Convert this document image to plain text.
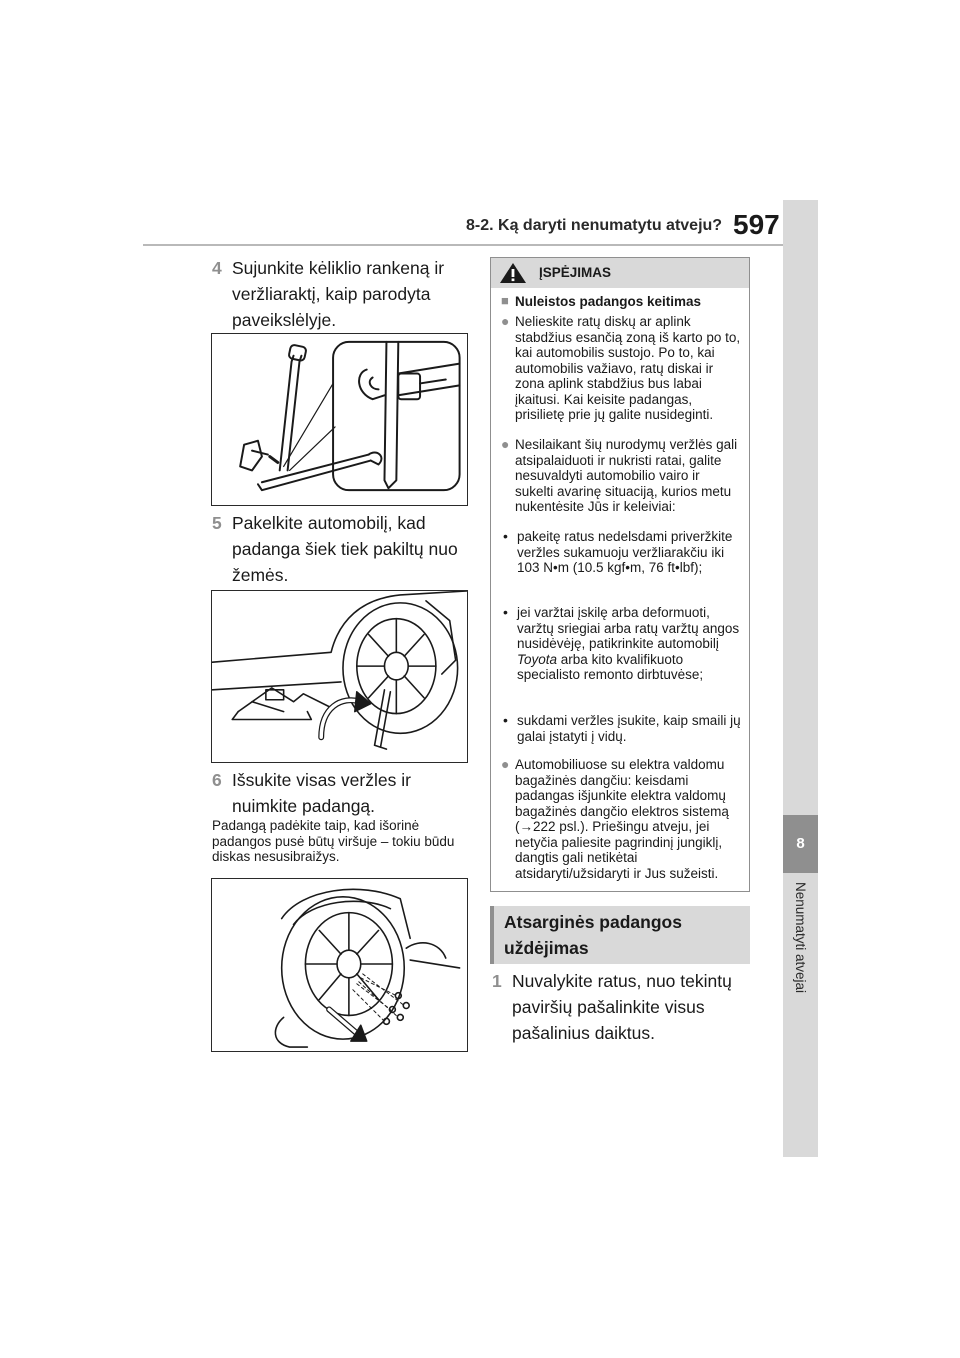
8-2. Ką daryti nenumatytu atveju? 597
8
Nenumatyti atvejai
4 Sujunkite kėliklio rankeną ir veržliaraktį, kaip parodyta paveikslėlyje.
5 Pakelkite automobilį, kad padanga šiek tiek pakiltų nuo žemės.
6 Išsukite visas veržles ir nuimkite padangą.
Padangą padėkite taip, kad išorinė padangos pusė būtų viršuje – tokiu būdu diskas nesusibraižys.
ĮSPĖJIMAS
■ Nuleistos padangos keitimas
● Nelieskite ratų diskų ar aplink stabdžius esančią zoną iš karto po to, kai automobilis sustojo. Po to, kai automobilis važiavo, ratų diskai ir zona aplink stabdžius bus labai įkaitusi. Kai keisite padangas, prisilietę prie jų galite nusideginti.
● Nesilaikant šių nurodymų veržlės gali atsipalaiduoti ir nukristi ratai, galite nesuvaldyti automobilio vairo ir sukelti avarinę situaciją, kurios metu nukentėsite Jūs ir keleiviai:
• pakeitę ratus nedelsdami priveržkite veržles sukamuoju veržliarakčiu iki 103 N•m (10.5 kgf•m, 76 ft•lbf);
• jei varžtai įskilę arba deformuoti, varžtų sriegiai arba ratų varžtų angos nusidėvėję, patikrinkite automobilį Toyota arba kito kvalifikuoto specialisto remonto dirbtuvėse;
• sukdami veržles įsukite, kaip smaili jų galai įstatyti į vidų.
● Automobiliuose su elektra valdomu bagažinės dangčiu: keisdami padangas išjunkite elektra valdomų bagažinės dangčio elektros sistemą (→222 psl.). Priešingu atveju, jei netyčia paliesite pagrindinį jungiklį, dangtis gali netikėtai atsidaryti/užsidaryti ir Jus sužeisti.
Atsarginės padangos
uždėjimas
1 Nuvalykite ratus, nuo tekintų paviršių pašalinkite visus pašalinius daiktus.
